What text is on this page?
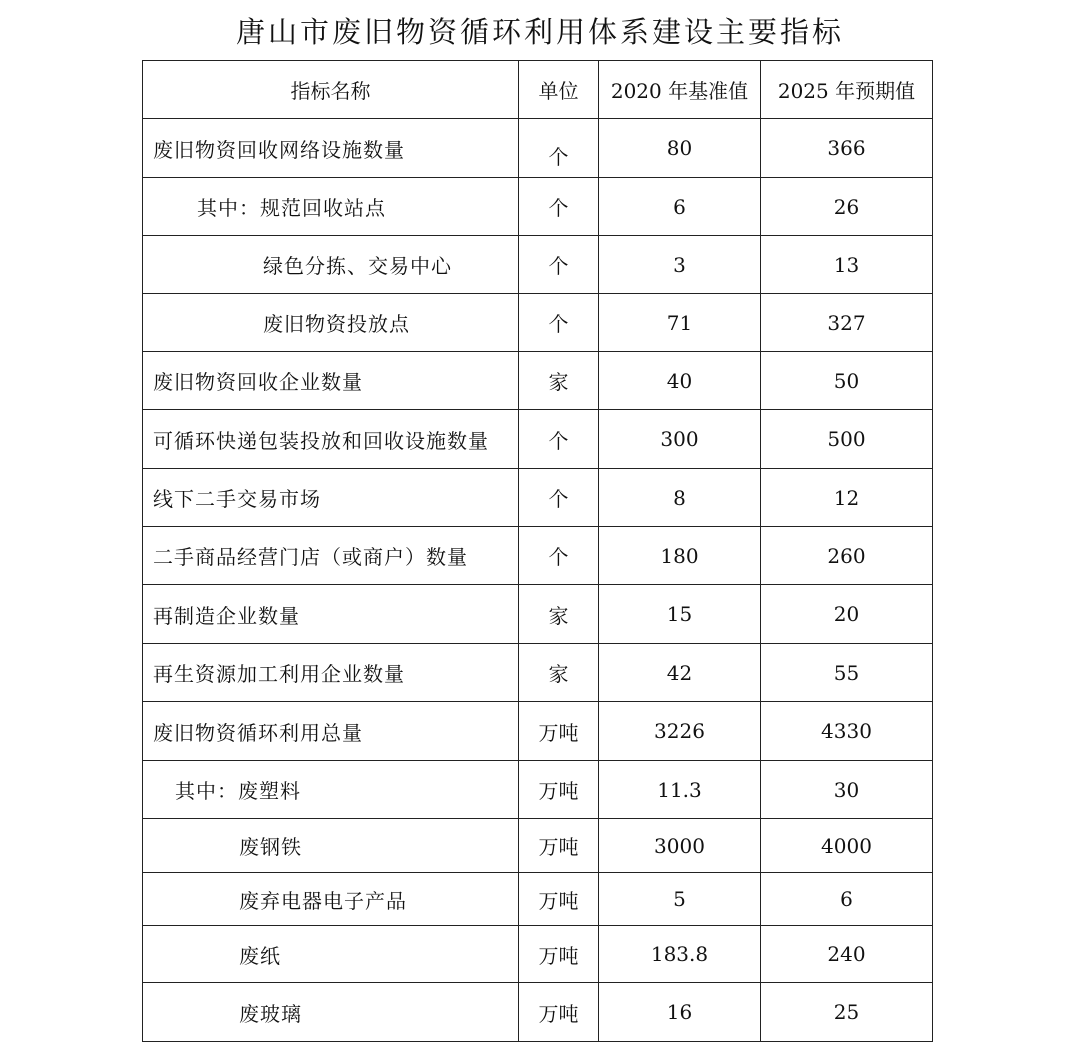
唐山市废旧物资循环利用体系建设主要指标
指标名称	单位	2020 年基准值	2025 年预期值
废旧物资回收网络设施数量	个	80	366
其中：规范回收站点	个	6	26
绿色分拣、交易中心	个	3	13
废旧物资投放点	个	71	327
废旧物资回收企业数量	家	40	50
可循环快递包装投放和回收设施数量	个	300	500
线下二手交易市场	个	8	12
二手商品经营门店（或商户）数量	个	180	260
再制造企业数量	家	15	20
再生资源加工利用企业数量	家	42	55
废旧物资循环利用总量	万吨	3226	4330
其中：废塑料	万吨	11.3	30
废钢铁	万吨	3000	4000
废弃电器电子产品	万吨	5	6
废纸	万吨	183.8	240
废玻璃	万吨	16	25
